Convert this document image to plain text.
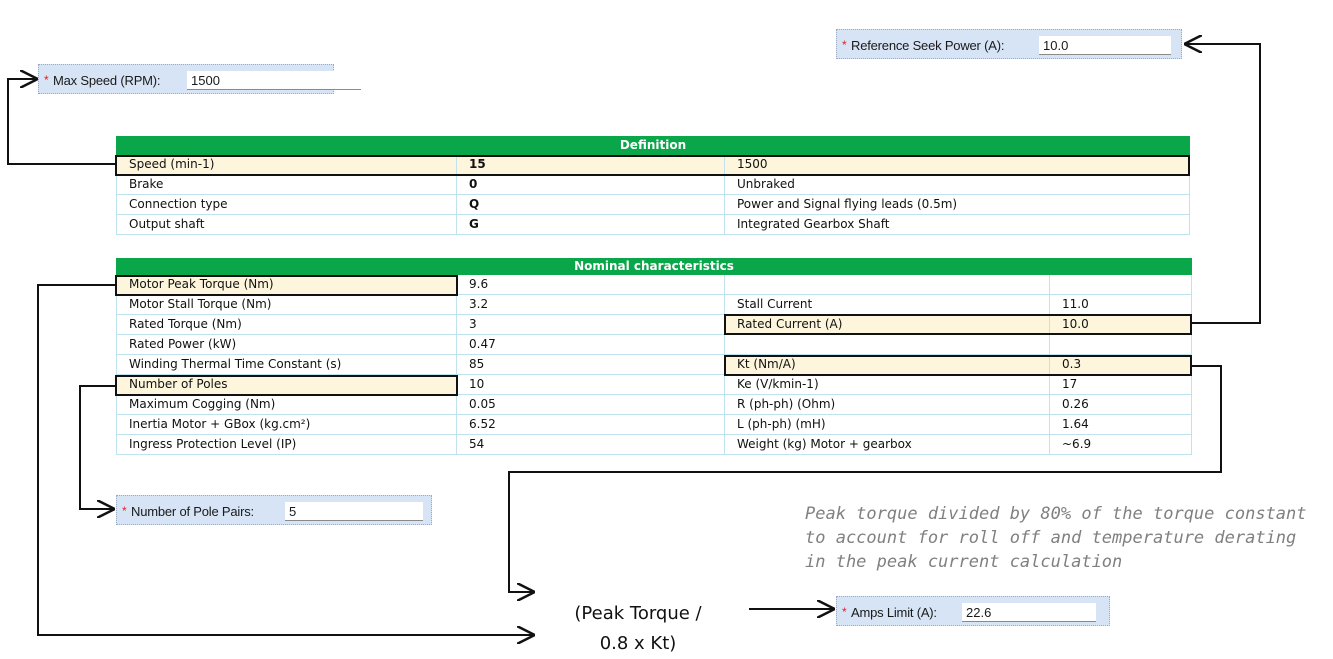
* Max Speed (RPM):	1500
* Reference Seek Power (A):	10.0
* Number of Pole Pairs:	5
* Amps Limit (A):	22.6
Definition
Speed (min-1)	15	1500
Brake	0	Unbraked
Connection type	Q	Power and Signal flying leads (0.5m)
Output shaft	G	Integrated Gearbox Shaft
Nominal characteristics
Motor Peak Torque (Nm)	9.6
Motor Stall Torque (Nm)	3.2	Stall Current	11.0
Rated Torque (Nm)	3	Rated Current (A)	10.0
Rated Power (kW)	0.47
Winding Thermal Time Constant (s)	85	Kt (Nm/A)	0.3
Number of Poles	10	Ke (V/kmin-1)	17
Maximum Cogging (Nm)	0.05	R (ph-ph) (Ohm)	0.26
Inertia Motor + GBox (kg.cm²)	6.52	L (ph-ph) (mH)	1.64
Ingress Protection Level (IP)	54	Weight (kg) Motor + gearbox	~6.9
Peak torque divided by 80% of the torque constant to account for roll off and temperature derating in the peak current calculation
(Peak Torque /
0.8 x Kt)
